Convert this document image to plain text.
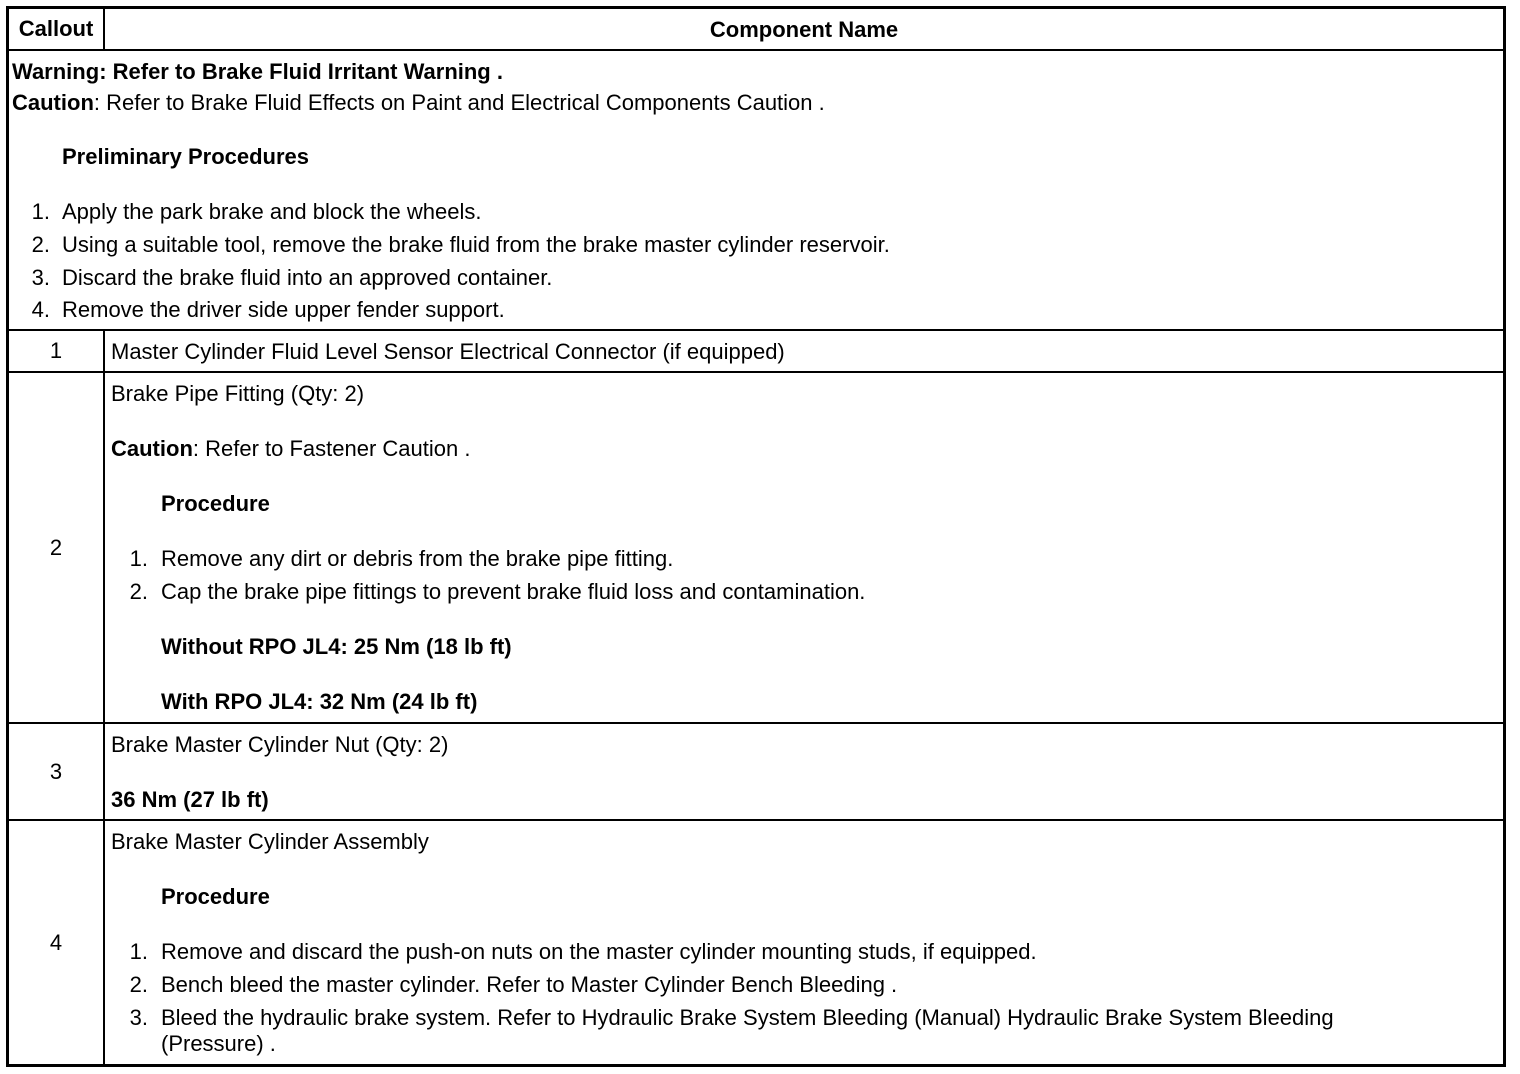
Callout	Component Name
Warning: Refer to Brake Fluid Irritant Warning .
Caution: Refer to Brake Fluid Effects on Paint and Electrical Components Caution .
Preliminary Procedures
1. Apply the park brake and block the wheels.
2. Using a suitable tool, remove the brake fluid from the brake master cylinder reservoir.
3. Discard the brake fluid into an approved container.
4. Remove the driver side upper fender support.
1	Master Cylinder Fluid Level Sensor Electrical Connector (if equipped)
2
Brake Pipe Fitting (Qty: 2)
Caution: Refer to Fastener Caution .
Procedure
1. Remove any dirt or debris from the brake pipe fitting.
2. Cap the brake pipe fittings to prevent brake fluid loss and contamination.
Without RPO JL4: 25 Nm (18 lb ft)
With RPO JL4: 32 Nm (24 lb ft)
3
Brake Master Cylinder Nut (Qty: 2)
36 Nm (27 lb ft)
4
Brake Master Cylinder Assembly
Procedure
1. Remove and discard the push-on nuts on the master cylinder mounting studs, if equipped.
2. Bench bleed the master cylinder. Refer to Master Cylinder Bench Bleeding .
3. Bleed the hydraulic brake system. Refer to Hydraulic Brake System Bleeding (Manual) Hydraulic Brake System Bleeding
(Pressure) .
